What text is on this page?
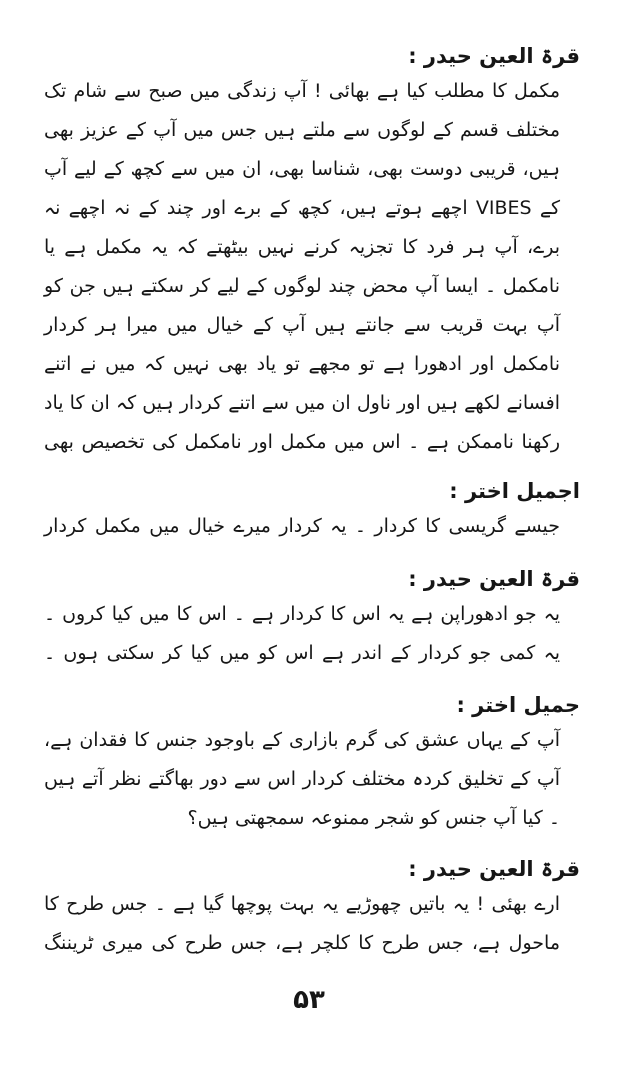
قرۃ العین حیدر :

مکمل کا مطلب کیا ہے بھائی ! آپ زندگی میں صبح سے شام تک مختلف قسم کے لوگوں سے ملتے ہیں جس میں آپ کے عزیز بھی ہیں، قریبی دوست بھی، شناسا بھی، ان میں سے کچھ کے لیے آپ کے VIBES اچھے ہوتے ہیں، کچھ کے برے اور چند کے نہ اچھے نہ برے، آپ ہر فرد کا تجزیہ کرنے نہیں بیٹھتے کہ یہ مکمل ہے یا نامکمل ۔ ایسا آپ محض چند لوگوں کے لیے کر سکتے ہیں جن کو آپ بہت قریب سے جانتے ہیں آپ کے خیال میں میرا ہر کردار نامکمل اور ادھورا ہے تو مجھے تو یاد بھی نہیں کہ میں نے اتنے افسانے لکھے ہیں اور ناول ان میں سے اتنے کردار ہیں کہ ان کا یاد رکھنا ناممکن ہے ۔ اس میں مکمل اور نامکمل کی تخصیص بھی

اجمیل اختر :

جیسے گریسی کا کردار ۔ یہ کردار میرے خیال میں مکمل کردار

قرۃ العین حیدر :

یہ جو ادھوراپن ہے یہ اس کا کردار ہے ۔ اس کا میں کیا کروں ۔ یہ کمی جو کردار کے اندر ہے اس کو میں کیا کر سکتی ہوں ۔

جمیل اختر :

آپ کے یہاں عشق کی گرم بازاری کے باوجود جنس کا فقدان ہے، آپ کے تخلیق کردہ مختلف کردار اس سے دور بھاگتے نظر آتے ہیں ۔ کیا آپ جنس کو شجر ممنوعہ سمجھتی ہیں؟

قرۃ العین حیدر :

ارے بھئی ! یہ باتیں چھوڑیے یہ بہت پوچھا گیا ہے ۔ جس طرح کا ماحول ہے، جس طرح کا کلچر ہے، جس طرح کی میری ٹریننگ

۵۳
